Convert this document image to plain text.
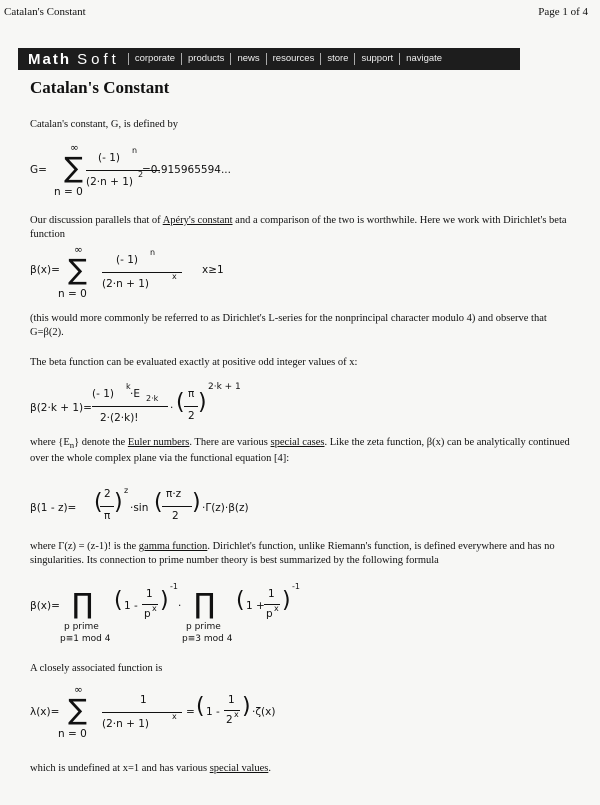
Catalan's Constant	Page 1 of 4
Math Soft	corporate	products	news	resources	store	support	navigate
Catalan's Constant

Catalan's constant, G, is defined by

G=
∞
∑
n = 0
(- 1)
n
(2·n + 1)
2
=0.915965594...

Our discussion parallels that of Apéry's constant and a comparison of the two is worthwhile. Here we work with Dirichlet's beta function

β(x)=
∞
∑
n = 0
(- 1)
n
(2·n + 1)
x
x≥1

(this would more commonly be referred to as Dirichlet's L-series for the nonprincipal character modulo 4) and observe that G=β(2).

The beta function can be evaluated exactly at positive odd integer values of x:

β(2·k + 1)=
(- 1)
k
·E 2·k
2·(2·k)!
· ( π
2
)
2·k + 1

where $\{E_n\}$ denote the Euler numbers. There are various special cases. Like the zeta function, β(x) can be analytically continued over the whole complex plane via the functional equation [4]:

β(1 - z)= ( 2
π
) z
·sin ( π·z
2
) ·Γ(z)·β(z)

where Γ(z) = (z-1)! is the gamma function. Dirichlet's function, unlike Riemann's function, is defined everywhere and has no singularities. Its connection to prime number theory is best summarized by the following formula

β(x)= ∏
p prime
p≡1 mod 4
( 1 -
1
p x )
-1
· ∏
p prime
p≡3 mod 4
( 1 +
1
p x )
-1

A closely associated function is

λ(x)=
∞
∑
n = 0
1
(2·n + 1)
x = ( 1 -
1
2 x ) ·ζ(x)

which is undefined at x=1 and has various special values.
